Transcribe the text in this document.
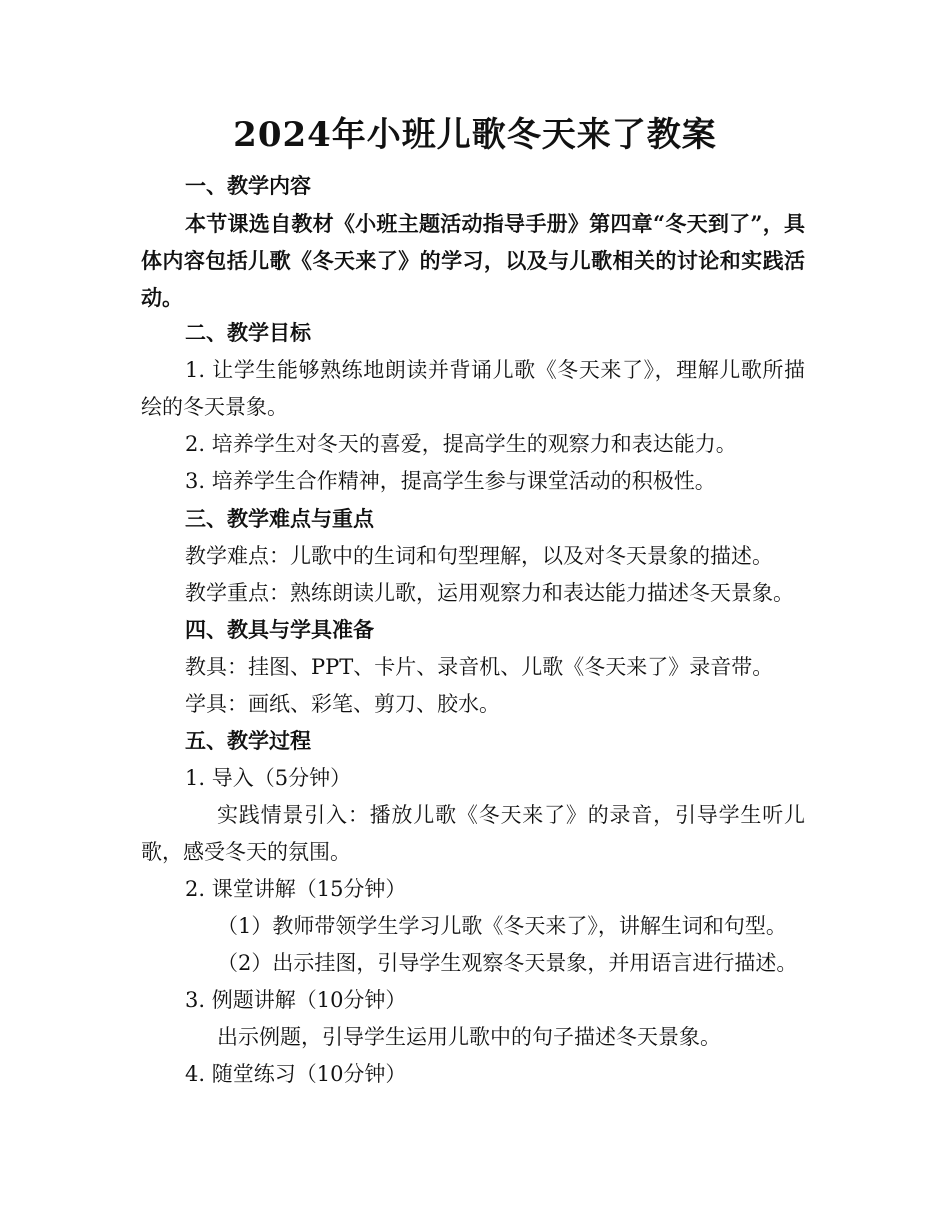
2024年小班儿歌冬天来了教案
一、教学内容
本节课选自教材《小班主题活动指导手册》第四章“冬天到了”，具体内容包括儿歌《冬天来了》的学习，以及与儿歌相关的讨论和实践活动。
二、教学目标
1. 让学生能够熟练地朗读并背诵儿歌《冬天来了》，理解儿歌所描绘的冬天景象。
2. 培养学生对冬天的喜爱，提高学生的观察力和表达能力。
3. 培养学生合作精神，提高学生参与课堂活动的积极性。
三、教学难点与重点
教学难点：儿歌中的生词和句型理解，以及对冬天景象的描述。
教学重点：熟练朗读儿歌，运用观察力和表达能力描述冬天景象。
四、教具与学具准备
教具：挂图、PPT、卡片、录音机、儿歌《冬天来了》录音带。
学具：画纸、彩笔、剪刀、胶水。
五、教学过程
1. 导入（5分钟）
实践情景引入：播放儿歌《冬天来了》的录音，引导学生听儿歌，感受冬天的氛围。
2. 课堂讲解（15分钟）
（1）教师带领学生学习儿歌《冬天来了》，讲解生词和句型。
（2）出示挂图，引导学生观察冬天景象，并用语言进行描述。
3. 例题讲解（10分钟）
出示例题，引导学生运用儿歌中的句子描述冬天景象。
4. 随堂练习（10分钟）
